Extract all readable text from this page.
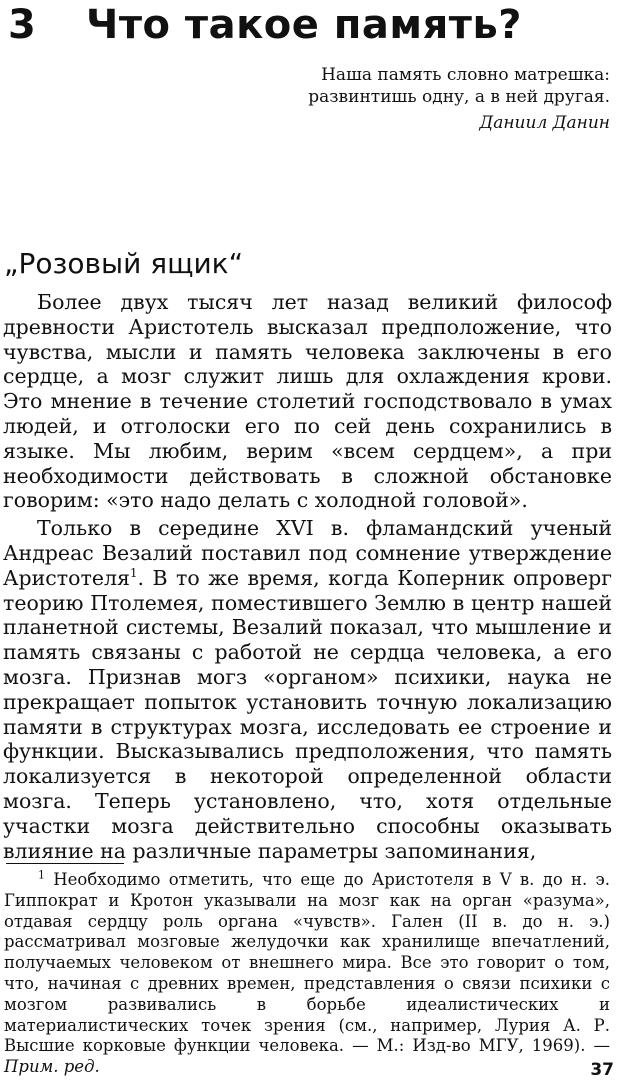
3 Что такое память?
Наша память словно матрешка:
развинтишь одну, а в ней другая.
Даниил Данин
„Розовый ящик“

Более двух тысяч лет назад великий философ древности Аристотель высказал предположение, что чувства, мысли и память человека заключены в его сердце, а мозг служит лишь для охлаждения крови. Это мнение в течение столетий господствовало в умах людей, и отголоски его по сей день сохранились в языке. Мы любим, верим «всем сердцем», а при необходимости действовать в сложной обстановке говорим: «это надо делать с холодной головой».

Только в середине XVI в. фламандский ученый Андреас Везалий поставил под сомнение утверждение Аристотеля$^1$. В то же время, когда Коперник опроверг теорию Птолемея, поместившего Землю в центр нашей планетной системы, Везалий показал, что мышление и память связаны с работой не сердца человека, а его мозга. Признав могз «органом» психики, наука не прекращает попыток установить точную локализацию памяти в структурах мозга, исследовать ее строение и функции. Высказывались предположения, что память локализуется в некоторой определенной области мозга. Теперь установлено, что, хотя отдельные участки мозга действительно способны оказывать влияние на различные параметры запоминания,

$^1$ Необходимо отметить, что еще до Аристотеля в V в. до н. э. Гиппократ и Кротон указывали на мозг как на орган «разума», отдавая сердцу роль органа «чувств». Гален (II в. до н. э.) рассматривал мозговые желудочки как хранилище впечатлений, получаемых человеком от внешнего мира. Все это говорит о том, что, начиная с древних времен, представления о связи психики с мозгом развивались в борьбе идеалистических и материалистических точек зрения (см., например, Лурия А. Р. Высшие корковые функции человека. — М.: Изд-во МГУ, 1969). — Прим. ред.	37
